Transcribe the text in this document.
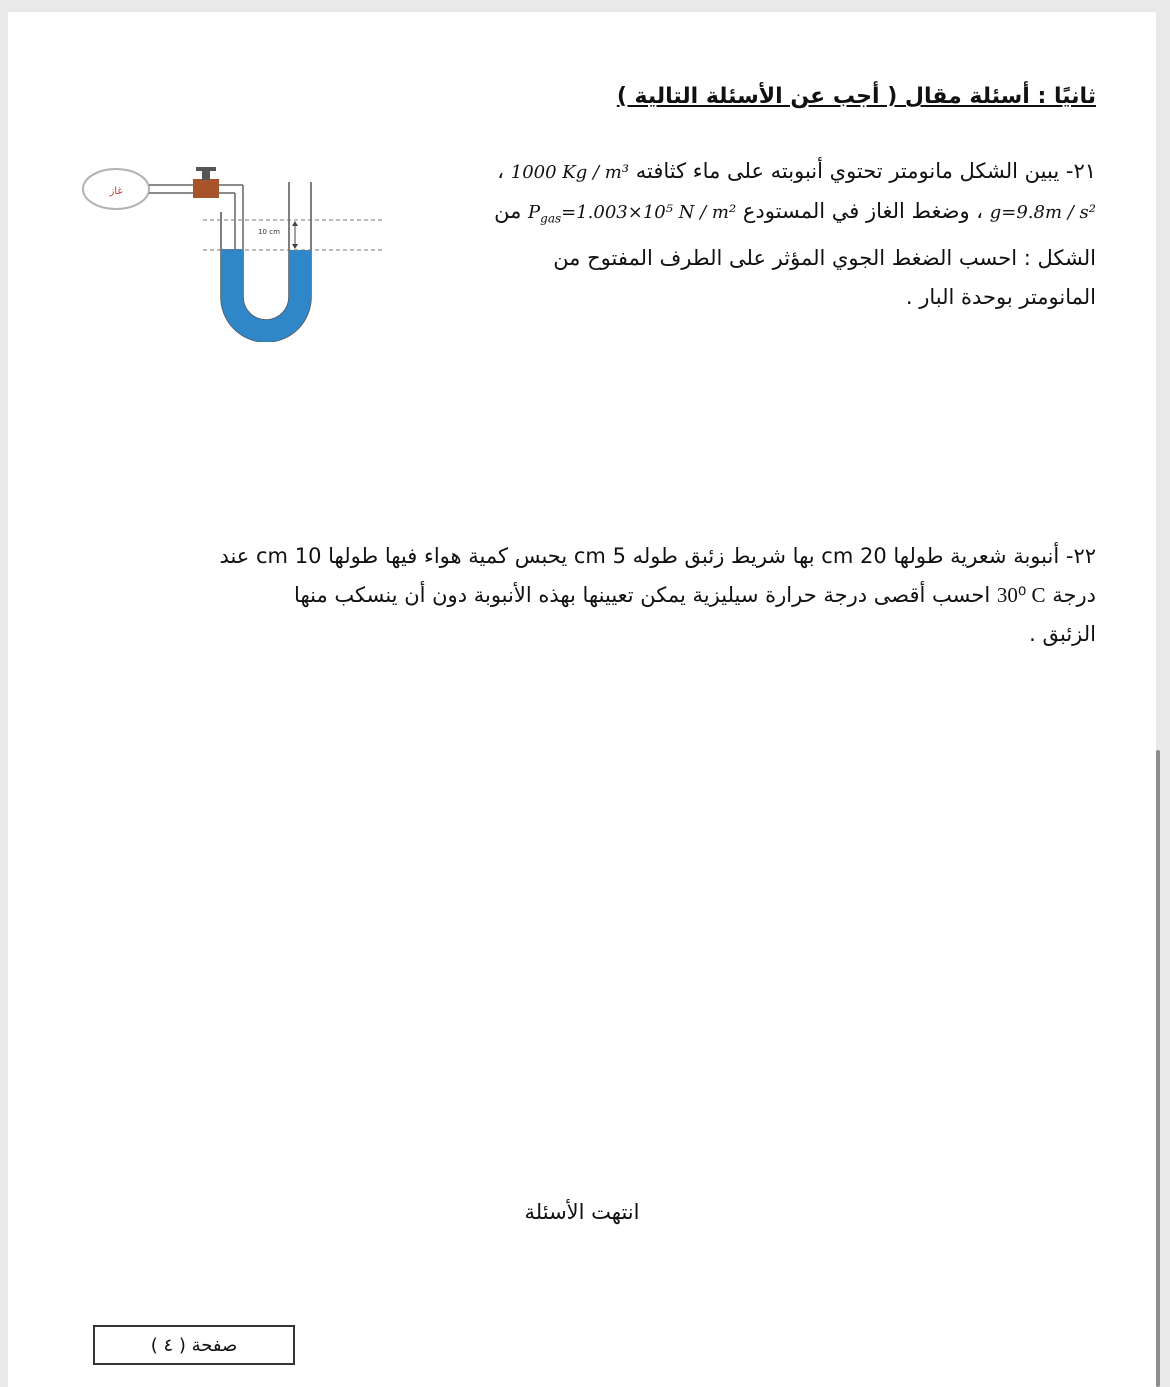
ثانيًا : أسئلة مقال ( أجب عن الأسئلة التالية )

٢١- يبين الشكل مانومتر تحتوي أنبوبته على ماء كثافته 1000 Kg / m³ ،

g=9.8m / s² ، وضغط الغاز في المستودع $P_{gas}=1.003\times 10^5$ N / m² من

الشكل : احسب الضغط الجوي المؤثر على الطرف المفتوح من

المانومتر بوحدة البار .

غاز
10 cm

٢٢- أنبوبة شعرية طولها 20 cm بها شريط زئبق طوله 5 cm يحبس كمية هواء فيها طولها 10 cm عند

درجة 30⁰ C احسب أقصى درجة حرارة سيليزية يمكن تعيينها بهذه الأنبوبة دون أن ينسكب منها

الزئبق .

انتهت الأسئلة
صفحة ( ٤ )
